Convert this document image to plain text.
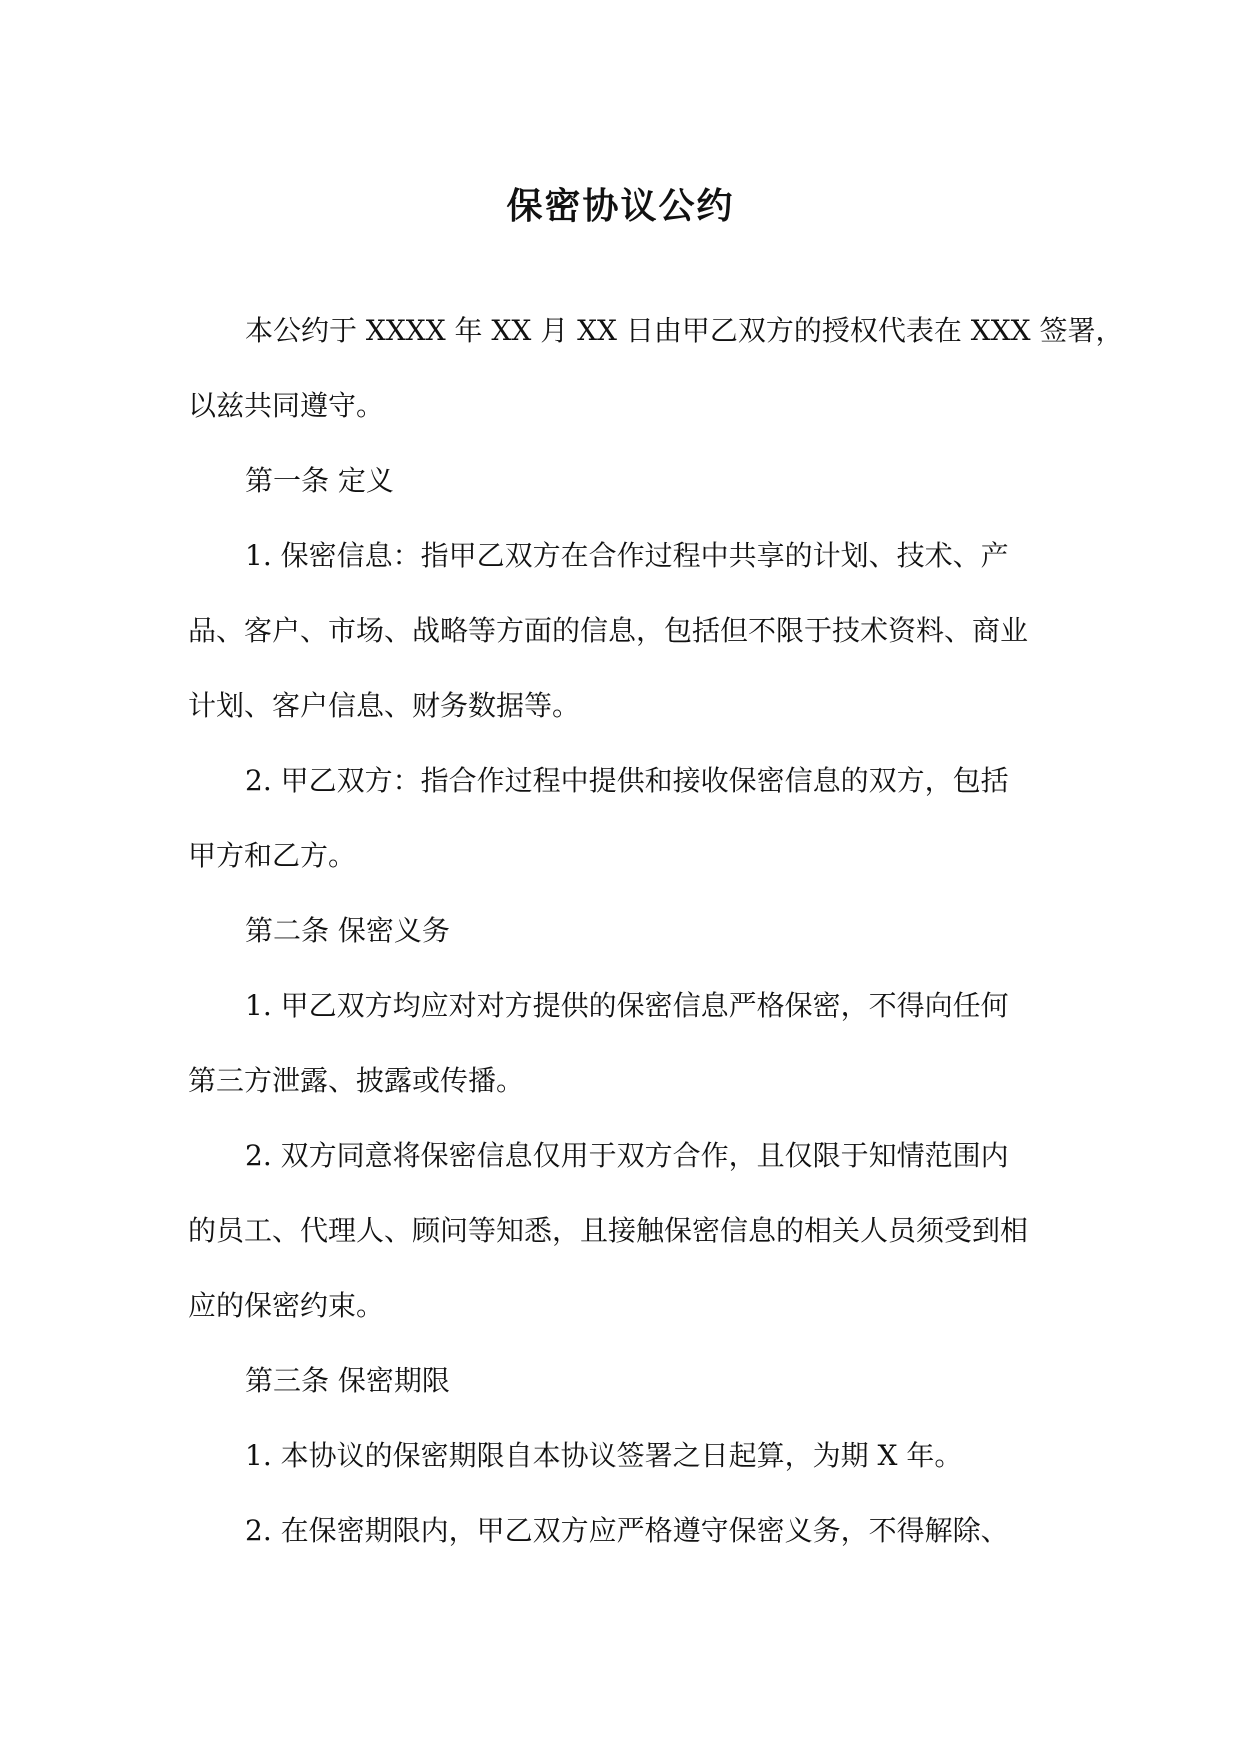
保密协议公约
本公约于 XXXX 年 XX 月 XX 日由甲乙双方的授权代表在 XXX 签署，
以兹共同遵守。
第一条 定义
1. 保密信息：指甲乙双方在合作过程中共享的计划、技术、产
品、客户、市场、战略等方面的信息，包括但不限于技术资料、商业
计划、客户信息、财务数据等。
2. 甲乙双方：指合作过程中提供和接收保密信息的双方，包括
甲方和乙方。
第二条 保密义务
1. 甲乙双方均应对对方提供的保密信息严格保密，不得向任何
第三方泄露、披露或传播。
2. 双方同意将保密信息仅用于双方合作，且仅限于知情范围内
的员工、代理人、顾问等知悉，且接触保密信息的相关人员须受到相
应的保密约束。
第三条 保密期限
1. 本协议的保密期限自本协议签署之日起算，为期 X 年。
2. 在保密期限内，甲乙双方应严格遵守保密义务，不得解除、
